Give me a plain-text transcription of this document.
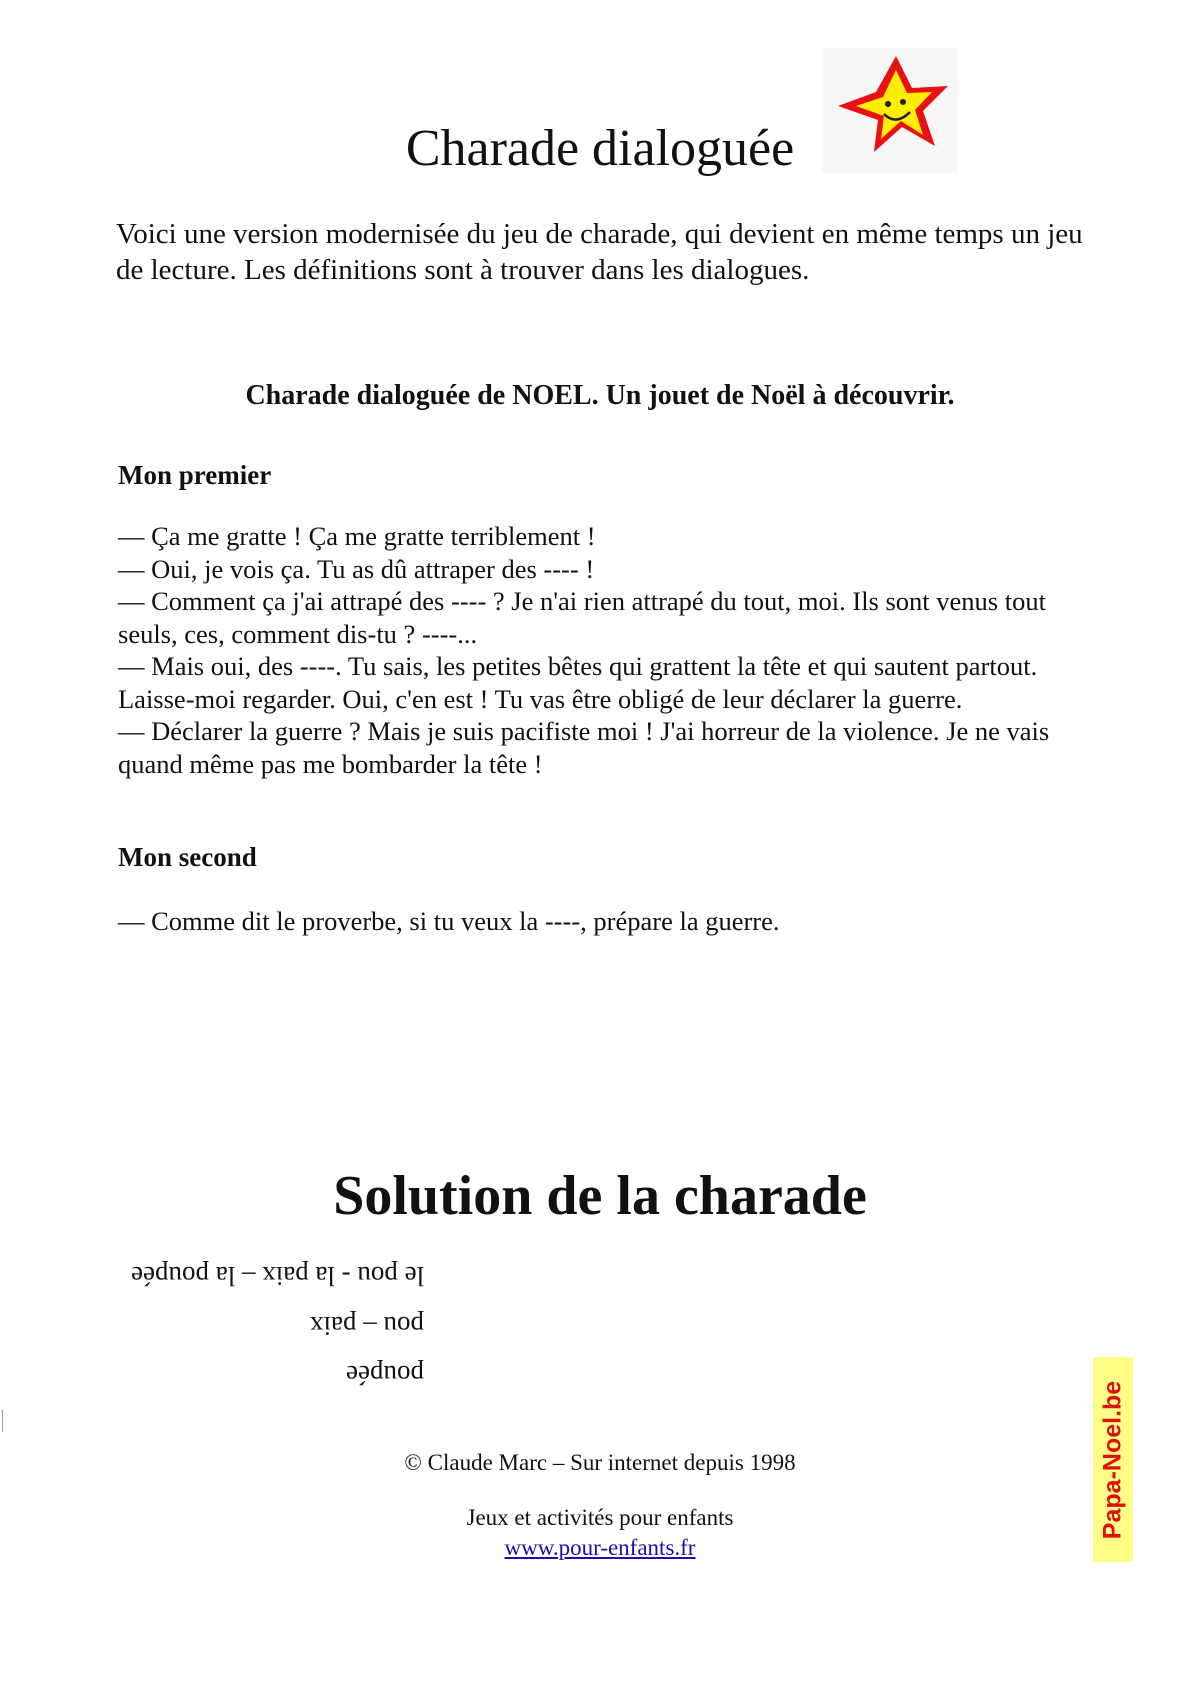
Charade dialoguée
Voici une version modernisée du jeu de charade, qui devient en même temps un jeu de lecture. Les définitions sont à trouver dans les dialogues.
Charade dialoguée de NOEL. Un jouet de Noël à découvrir.
Mon premier

— Ça me gratte ! Ça me gratte terriblement !

— Oui, je vois ça. Tu as dû attraper des ---- !

— Comment ça j'ai attrapé des ---- ? Je n'ai rien attrapé du tout, moi. Ils sont venus tout seuls, ces, comment dis-tu ? ----...

— Mais oui, des ----. Tu sais, les petites bêtes qui grattent la tête et qui sautent partout. Laisse-moi regarder. Oui, c'en est ! Tu vas être obligé de leur déclarer la guerre.

— Déclarer la guerre ? Mais je suis pacifiste moi ! J'ai horreur de la violence. Je ne vais quand même pas me bombarder la tête !

Mon second

— Comme dit le proverbe, si tu veux la ----, prépare la guerre.

Solution de la charade
le pou - la paix – la poupée
pou – paix
poupée
© Claude Marc – Sur internet depuis 1998
Jeux et activités pour enfants
www.pour-enfants.fr
Papa-Noel.be
